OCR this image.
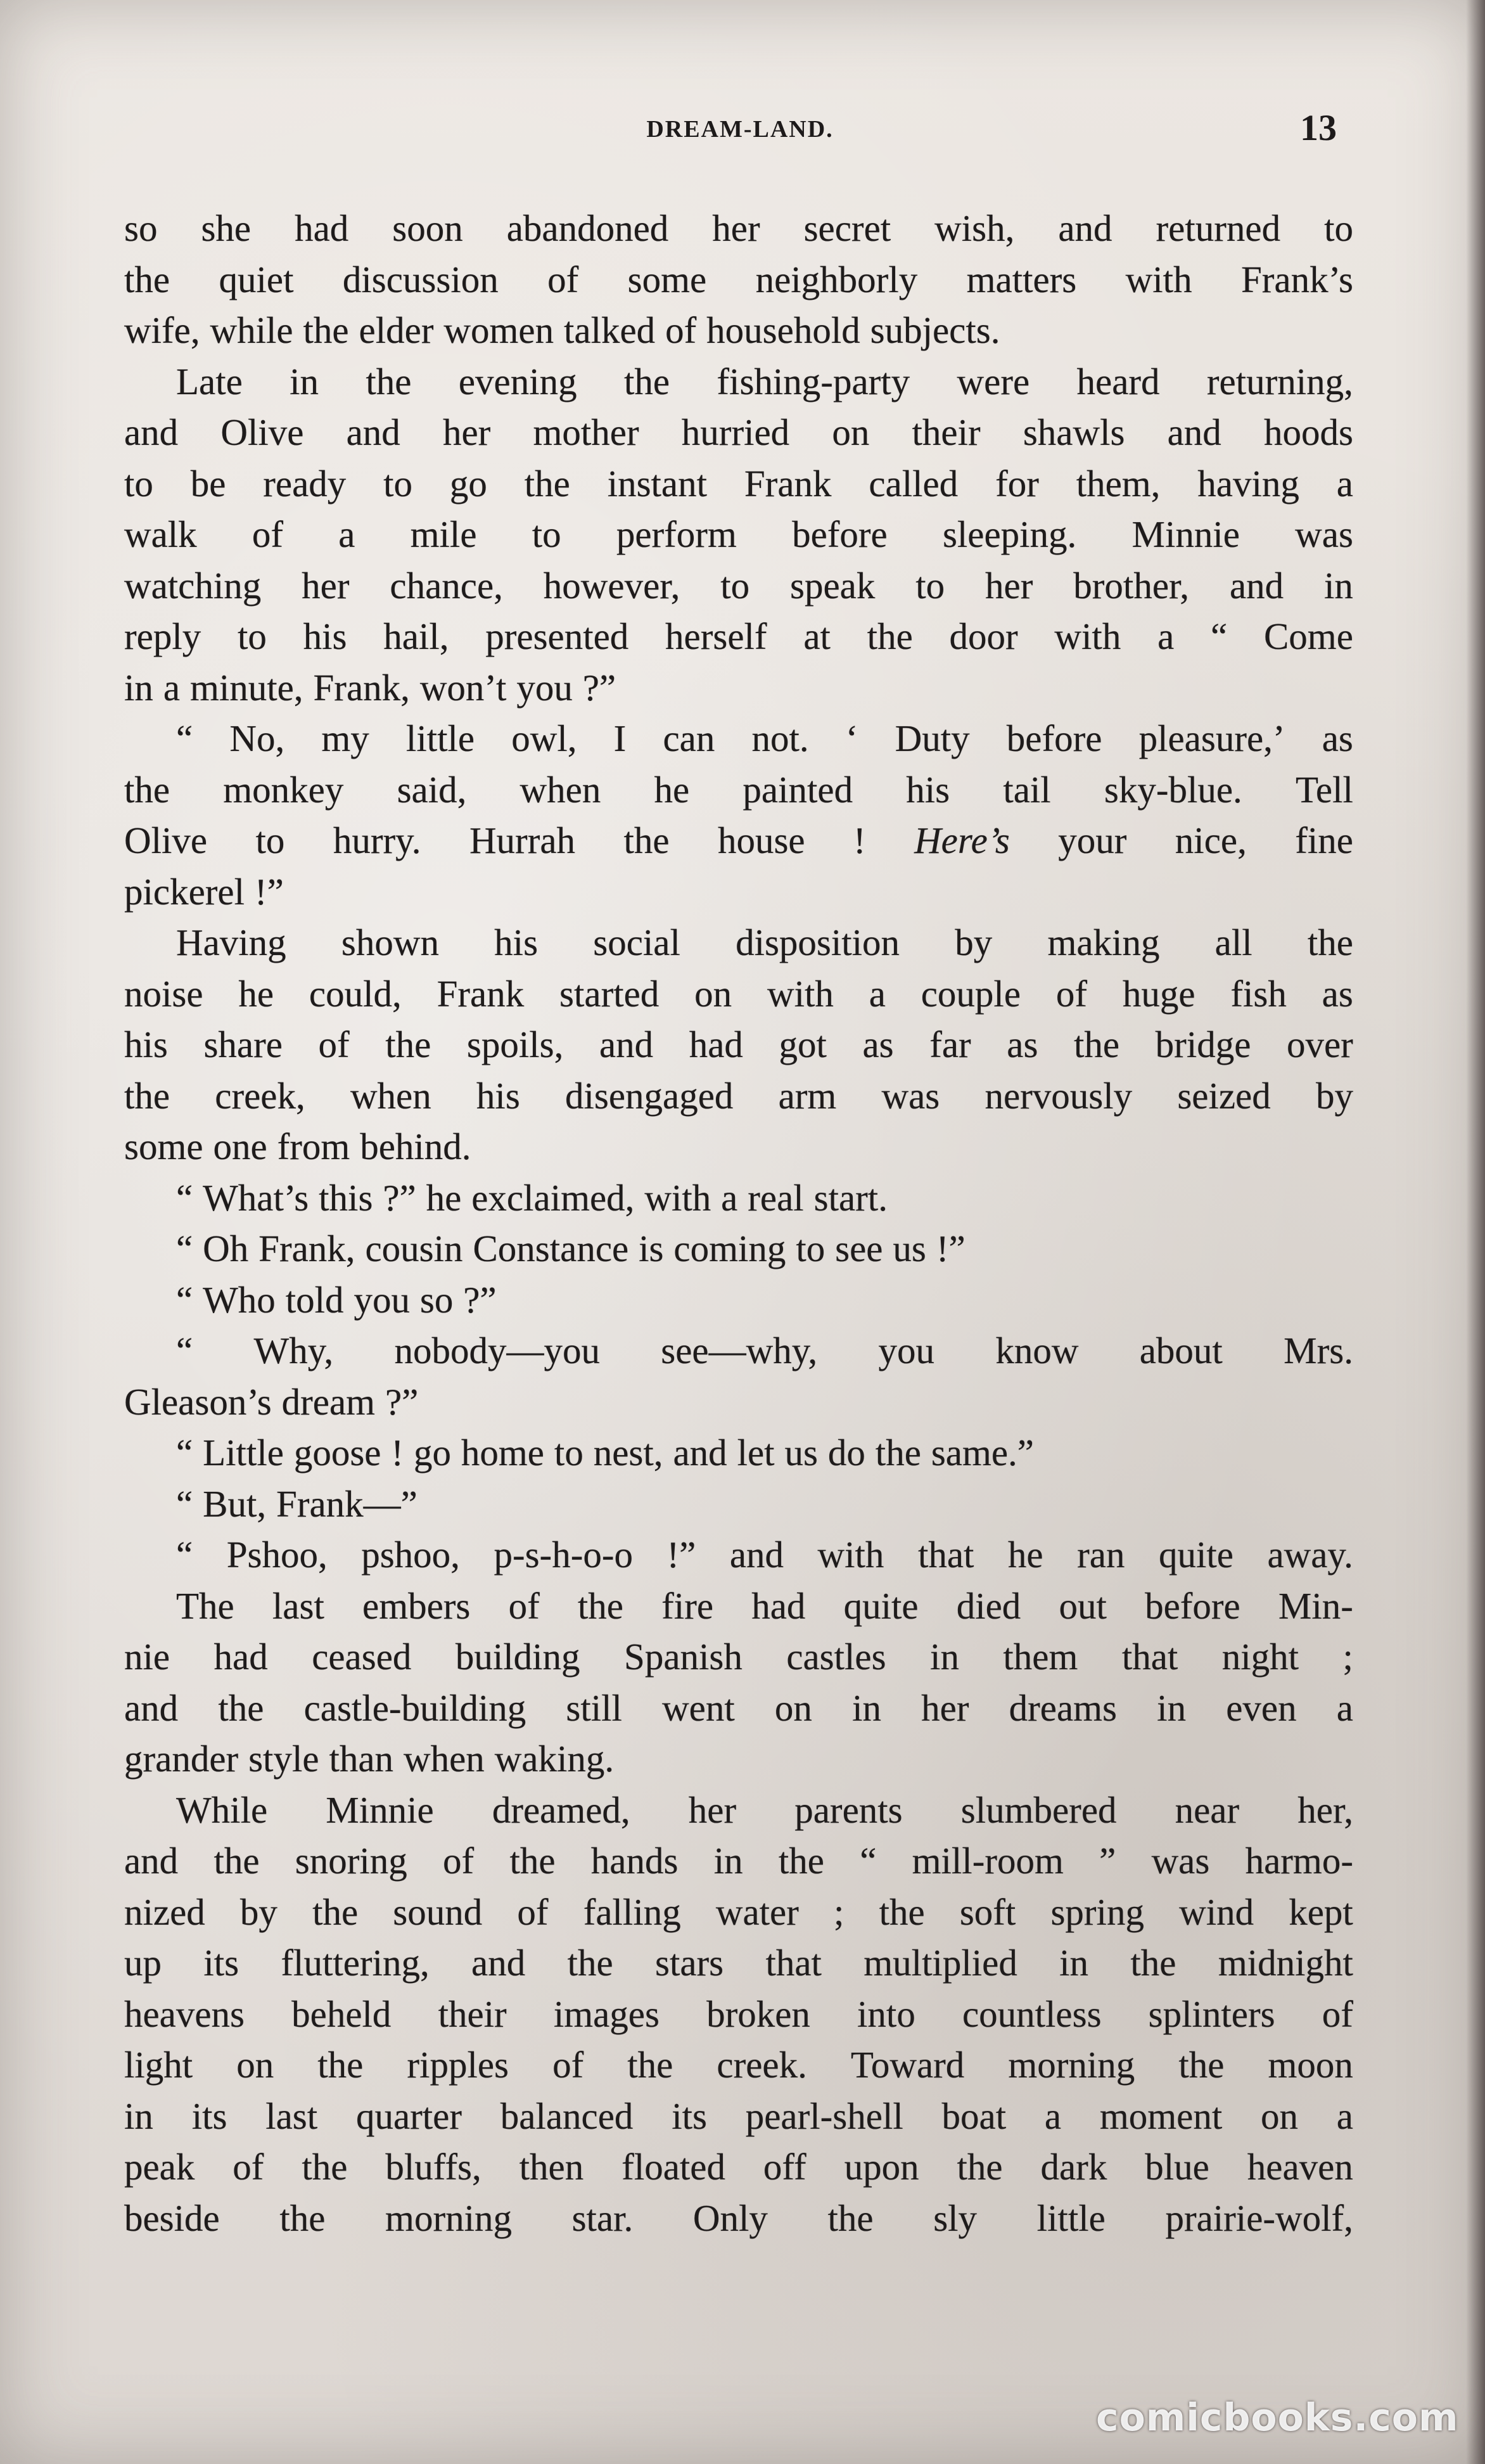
DREAM-LAND.	13
so she had soon abandoned her secret wish, and returned to
the quiet discussion of some neighborly matters with Frank’s
wife, while the elder women talked of household subjects.
Late in the evening the fishing-party were heard returning,
and Olive and her mother hurried on their shawls and hoods
to be ready to go the instant Frank called for them, having a
walk of a mile to perform before sleeping. Minnie was
watching her chance, however, to speak to her brother, and in
reply to his hail, presented herself at the door with a “ Come
in a minute, Frank, won’t you ?”
“ No, my little owl, I can not. ‘ Duty before pleasure,’ as
the monkey said, when he painted his tail sky-blue. Tell
Olive to hurry. Hurrah the house ! Here’s your nice, fine
pickerel !”
Having shown his social disposition by making all the
noise he could, Frank started on with a couple of huge fish as
his share of the spoils, and had got as far as the bridge over
the creek, when his disengaged arm was nervously seized by
some one from behind.
“ What’s this ?” he exclaimed, with a real start.
“ Oh Frank, cousin Constance is coming to see us !”
“ Who told you so ?”
“ Why, nobody—you see—why, you know about Mrs.
Gleason’s dream ?”
“ Little goose ! go home to nest, and let us do the same.”
“ But, Frank—”
“ Pshoo, pshoo, p-s-h-o-o !” and with that he ran quite away.
The last embers of the fire had quite died out before Min-
nie had ceased building Spanish castles in them that night ;
and the castle-building still went on in her dreams in even a
grander style than when waking.
While Minnie dreamed, her parents slumbered near her,
and the snoring of the hands in the “ mill-room ” was harmo-
nized by the sound of falling water ; the soft spring wind kept
up its fluttering, and the stars that multiplied in the midnight
heavens beheld their images broken into countless splinters of
light on the ripples of the creek. Toward morning the moon
in its last quarter balanced its pearl-shell boat a moment on a
peak of the bluffs, then floated off upon the dark blue heaven
beside the morning star. Only the sly little prairie-wolf,
comicbooks.com
